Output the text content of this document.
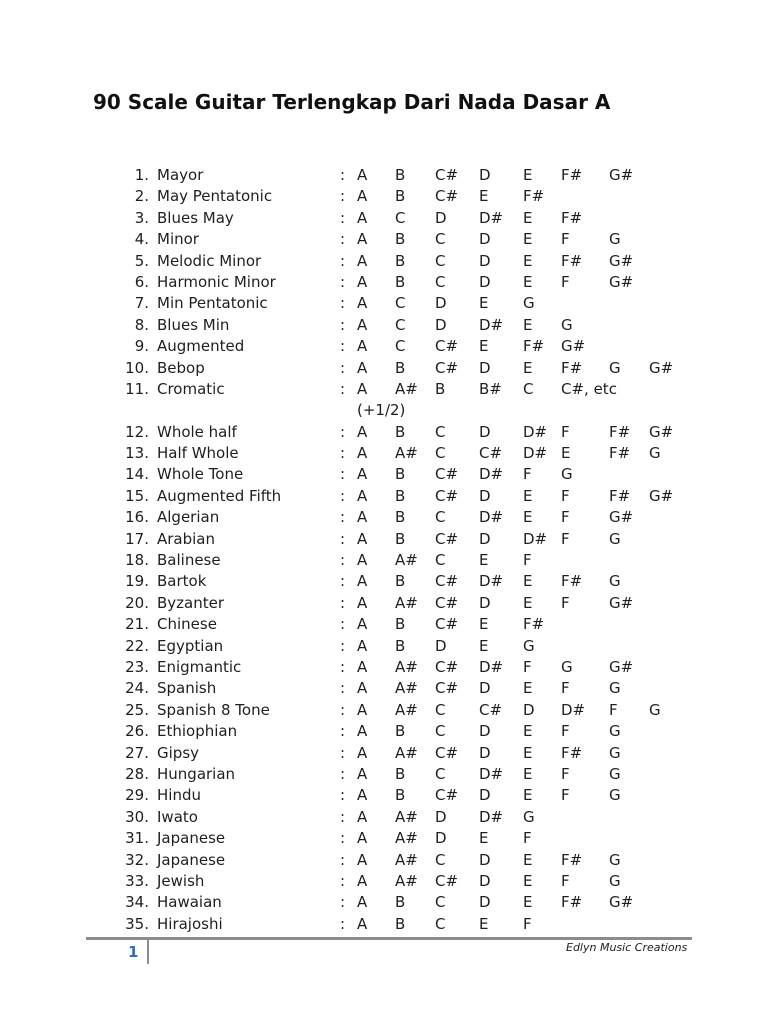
90 Scale Guitar Terlengkap Dari Nada Dasar A
1. Mayor	: A B C# D E F# G#
2. May Pentatonic	: A B C# E F#
3. Blues May	: A C D D# E F#
4. Minor	: A B C D E F	G
5. Melodic Minor	: A B C D E F# G#
6. Harmonic Minor	: A B C D E F	G#
7. Min Pentatonic	: A C D E G
8. Blues Min	: A C D D# E G
9. Augmented	: A C C# E F# G#
10. Bebop	: A B C# D E F# G G#
11. Cromatic	: A A# B B# C C#, etc
(+1/2)
12. Whole half	: A B C D D# F	F# G#
13. Half Whole	: A A# C C# D# E	F# G
14. Whole Tone	: A B C# D# F G
15. Augmented Fifth	: A B C# D E F	F# G#
16. Algerian	: A B C D# E F	G#
17. Arabian	: A B C# D D# F	G
18. Balinese	: A A# C E F
19. Bartok	: A B C# D# E F# G
20. Byzanter	: A A# C# D E F	G#
21. Chinese	: A B C# E F#
22. Egyptian	: A B D E G
23. Enigmantic	: A A# C# D# F G G#
24. Spanish	: A A# C# D E F	G
25. Spanish 8 Tone	: A A# C C# D D# F G
26. Ethiophian	: A B C D E F	G
27. Gipsy	: A A# C# D E F# G
28. Hungarian	: A B C D# E F	G
29. Hindu	: A B C# D E F	G
30. Iwato	: A A# D D# G
31. Japanese	: A A# D E F
32. Japanese	: A A# C D E F# G
33. Jewish	: A A# C# D E F	G
34. Hawaian	: A B C D E F# G#
35. Hirajoshi	: A B C E F
1	Edlyn Music Creations
